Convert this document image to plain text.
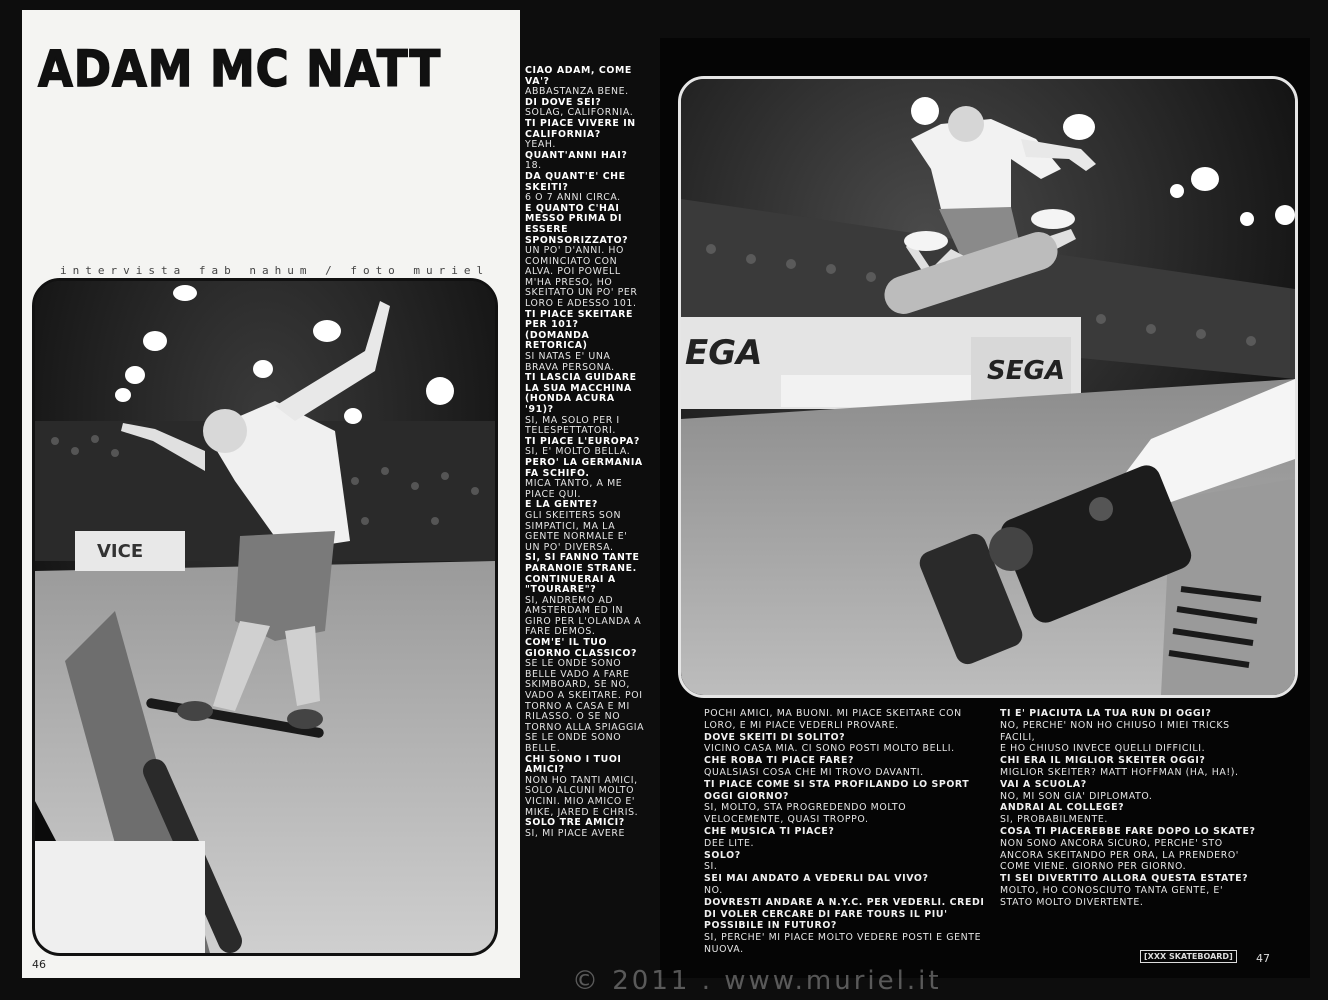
ADAM MC NATT
intervista fab nahum / foto muriel
VICE
46

CIAO ADAM, COME VA'?

ABBASTANZA BENE.

DI DOVE SEI?

SOLAG, CALIFORNIA.

TI PIACE VIVERE IN CALIFORNIA?

YEAH.

QUANT'ANNI HAI?

18.

DA QUANT'E' CHE SKEITI?

6 O 7 ANNI CIRCA.

E QUANTO C'HAI MESSO PRIMA DI ESSERE SPONSORIZZATO?

UN PO' D'ANNI. HO COMINCIATO CON ALVA. POI POWELL M'HA PRESO, HO SKEITATO UN PO' PER LORO E ADESSO 101.

TI PIACE SKEITARE PER 101? (DOMANDA RETORICA)

SI NATAS E' UNA BRAVA PERSONA.

TI LASCIA GUIDARE LA SUA MACCHINA (HONDA ACURA '91)?

SI, MA SOLO PER I TELESPETTATORI.

TI PIACE L'EUROPA?

SI, E' MOLTO BELLA.

PERO' LA GERMANIA FA SCHIFO.

MICA TANTO, A ME PIACE QUI.

E LA GENTE?

GLI SKEITERS SON SIMPATICI, MA LA GENTE NORMALE E' UN PO' DIVERSA.

SI, SI FANNO TANTE PARANOIE STRANE. CONTINUERAI A "TOURARE"?

SI, ANDREMO AD AMSTERDAM ED IN GIRO PER L'OLANDA A FARE DEMOS.

COM'E' IL TUO GIORNO CLASSICO?

SE LE ONDE SONO BELLE VADO A FARE SKIMBOARD, SE NO, VADO A SKEITARE. POI TORNO A CASA E MI RILASSO. O SE NO TORNO ALLA SPIAGGIA SE LE ONDE SONO BELLE.

CHI SONO I TUOI AMICI?

NON HO TANTI AMICI, SOLO ALCUNI MOLTO VICINI. MIO AMICO E' MIKE, JARED E CHRIS.

SOLO TRE AMICI?

SI, MI PIACE AVERE

EGA	SEGA

POCHI AMICI, MA BUONI. MI PIACE SKEITARE CON LORO, E MI PIACE VEDERLI PROVARE.

DOVE SKEITI DI SOLITO?

VICINO CASA MIA. CI SONO POSTI MOLTO BELLI.

CHE ROBA TI PIACE FARE?

QUALSIASI COSA CHE MI TROVO DAVANTI.

TI PIACE COME SI STA PROFILANDO LO SPORT OGGI GIORNO?

SI, MOLTO, STA PROGREDENDO MOLTO VELOCEMENTE, QUASI TROPPO.

CHE MUSICA TI PIACE?

DEE LITE.

SOLO?

SI.

SEI MAI ANDATO A VEDERLI DAL VIVO?

NO.

DOVRESTI ANDARE A N.Y.C. PER VEDERLI. CREDI DI VOLER CERCARE DI FARE TOURS IL PIU' POSSIBILE IN FUTURO?

SI, PERCHE' MI PIACE MOLTO VEDERE POSTI E GENTE NUOVA.

TI E' PIACIUTA LA TUA RUN DI OGGI?

NO, PERCHE' NON HO CHIUSO I MIEI TRICKS FACILI,

E HO CHIUSO INVECE QUELLI DIFFICILI.

CHI ERA IL MIGLIOR SKEITER OGGI?

MIGLIOR SKEITER? MATT HOFFMAN (HA, HA!).

VAI A SCUOLA?

NO, MI SON GIA' DIPLOMATO.

ANDRAI AL COLLEGE?

SI, PROBABILMENTE.

COSA TI PIACEREBBE FARE DOPO LO SKATE?

NON SONO ANCORA SICURO, PERCHE' STO ANCORA SKEITANDO PER ORA, LA PRENDERO' COME VIENE. GIORNO PER GIORNO.

TI SEI DIVERTITO ALLORA QUESTA ESTATE?

MOLTO, HO CONOSCIUTO TANTA GENTE, E' STATO MOLTO DIVERTENTE.

[XXX SKATEBOARD]	47
© 2011 . www.muriel.it
